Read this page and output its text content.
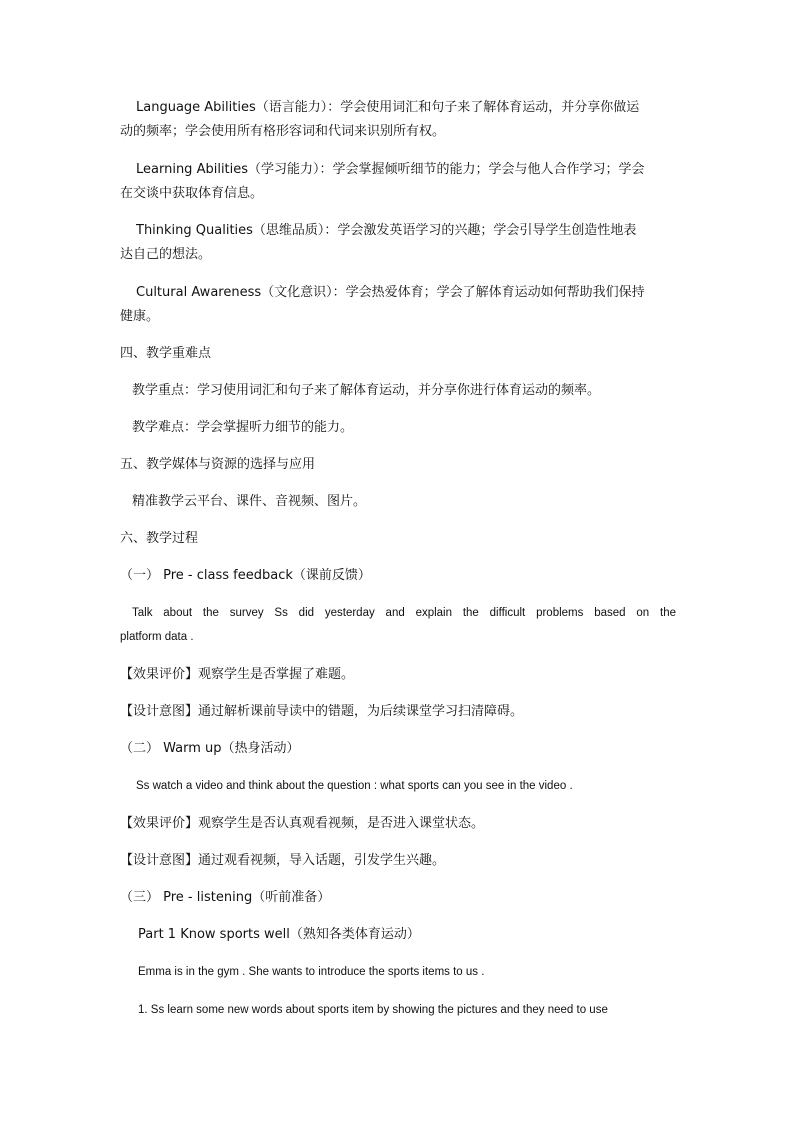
Language Abilities（语言能力）：学会使用词汇和句子来了解体育运动，并分享你做运
动的频率；学会使用所有格形容词和代词来识别所有权。
Learning Abilities（学习能力）：学会掌握倾听细节的能力；学会与他人合作学习；学会
在交谈中获取体育信息。
Thinking Qualities（思维品质）：学会激发英语学习的兴趣；学会引导学生创造性地表
达自己的想法。
Cultural Awareness（文化意识）：学会热爱体育；学会了解体育运动如何帮助我们保持
健康。
四、教学重难点
教学重点：学习使用词汇和句子来了解体育运动，并分享你进行体育运动的频率。
教学难点：学会掌握听力细节的能力。
五、教学媒体与资源的选择与应用
精准教学云平台、课件、音视频、图片。
六、教学过程
（一） Pre - class feedback（课前反馈）
Talk about the survey Ss did yesterday and explain the difficult problems based on the
platform data .
【效果评价】观察学生是否掌握了难题。
【设计意图】通过解析课前导读中的错题，为后续课堂学习扫清障碍。
（二） Warm up（热身活动）
Ss watch a video and think about the question : what sports can you see in the video .
【效果评价】观察学生是否认真观看视频，是否进入课堂状态。
【设计意图】通过观看视频，导入话题，引发学生兴趣。
（三） Pre - listening（听前准备）
Part 1 Know sports well（熟知各类体育运动）
Emma is in the gym . She wants to introduce the sports items to us .
1. Ss learn some new words about sports item by showing the pictures and they need to use
